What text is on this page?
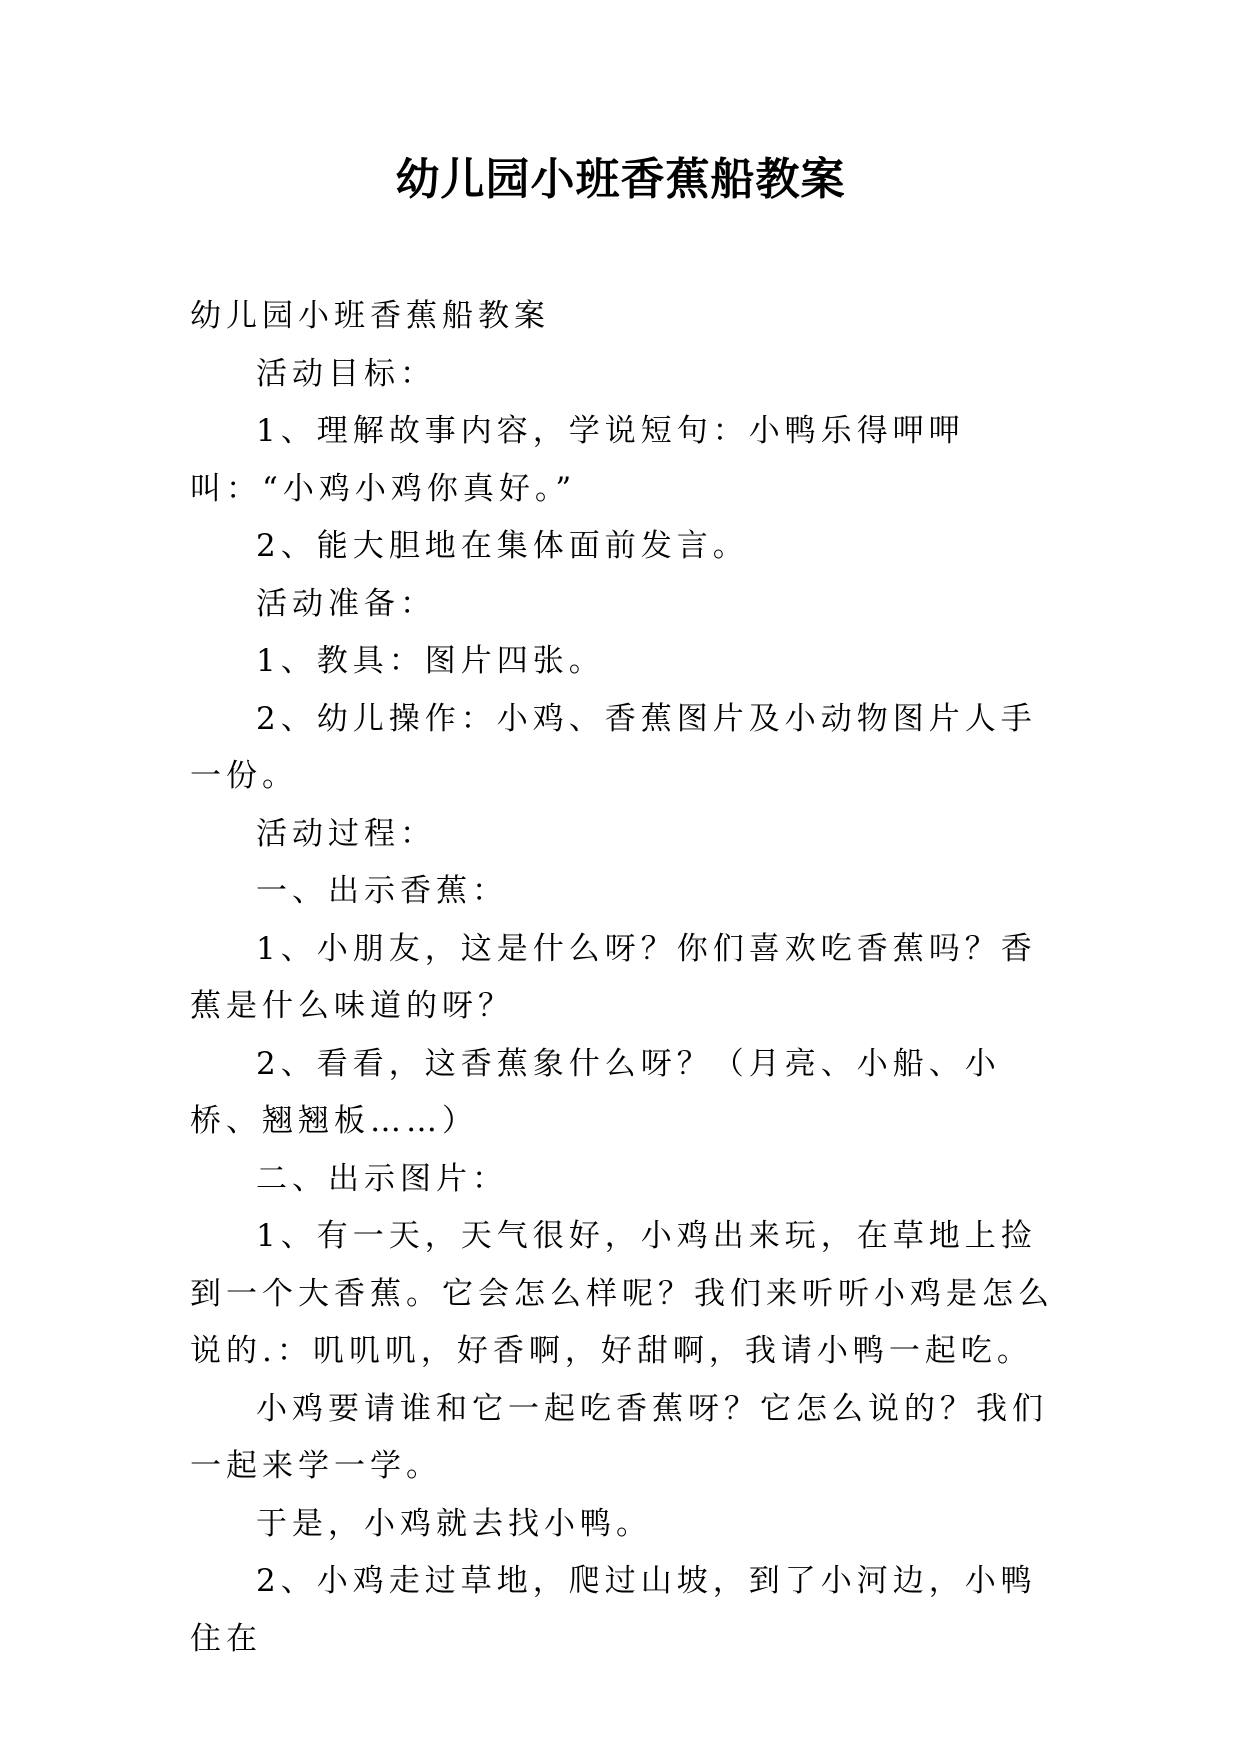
幼儿园小班香蕉船教案

幼儿园小班香蕉船教案

活动目标：

1、理解故事内容，学说短句：小鸭乐得呷呷叫：“小鸡小鸡你真好。”

2、能大胆地在集体面前发言。

活动准备：

1、教具：图片四张。

2、幼儿操作：小鸡、香蕉图片及小动物图片人手一份。

活动过程：

一、出示香蕉：

1、小朋友，这是什么呀？你们喜欢吃香蕉吗？香蕉是什么味道的呀？

2、看看，这香蕉象什么呀？（月亮、小船、小桥、翘翘板……）

二、出示图片：

1、有一天，天气很好，小鸡出来玩，在草地上捡到一个大香蕉。它会怎么样呢？我们来听听小鸡是怎么说的.：叽叽叽，好香啊，好甜啊，我请小鸭一起吃。

小鸡要请谁和它一起吃香蕉呀？它怎么说的？我们一起来学一学。

于是，小鸡就去找小鸭。

2、小鸡走过草地，爬过山坡，到了小河边，小鸭住在
